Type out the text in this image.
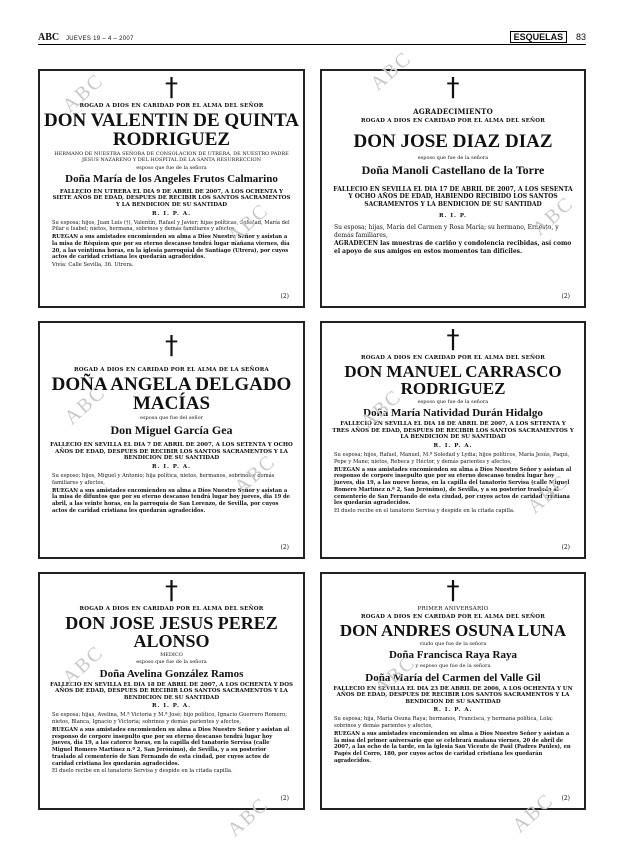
ABC JUEVES 19 – 4 – 2007	ESQUELAS 83
†
ROGAD A DIOS EN CARIDAD POR EL ALMA DEL SEÑOR
DON VALENTIN DE QUINTA RODRIGUEZ
HERMANO DE NUESTRA SEÑORA DE CONSOLACION DE UTRERA, DE NUESTRO PADRE JESUS NAZARENO Y DEL HOSPITAL DE LA SANTA RESURRECCION
esposo que fue de la señora
Doña María de los Angeles Frutos Calmarino
FALLECIO EN UTRERA EL DIA 9 DE ABRIL DE 2007, A LOS OCHENTA Y SIETE AÑOS DE EDAD, DESPUES DE RECIBIR LOS SANTOS SACRAMENTOS Y LA BENDICION DE SU SANTIDAD
R. I. P. A.
Su esposa; hijos, Juan Luis (†), Valentín, Rafael y Javier; hijas políticas, Soledad, María del Pilar e Isabel; nietos, hermana, sobrinos y demás familiares y afectos,
RUEGAN a sus amistades encomienden su alma a Dios Nuestro Señor y asistan a la misa de Réquiem que por su eterno descanso tendrá lugar mañana viernes, día 20, a las veintiuna horas, en la iglesia parroquial de Santiago (Utrera), por cuyos actos de caridad cristiana les quedarán agradecidos.
Vivía: Calle Sevilla, 36. Utrera.
(2)
†
AGRADECIMIENTO
ROGAD A DIOS EN CARIDAD POR EL ALMA DEL SEÑOR
DON JOSE DIAZ DIAZ
esposo que fue de la señora
Doña Manoli Castellano de la Torre
FALLECIO EN SEVILLA EL DIA 17 DE ABRIL DE 2007, A LOS SESENTA Y OCHO AÑOS DE EDAD, HABIENDO RECIBIDO LOS SANTOS SACRAMENTOS Y LA BENDICION DE SU SANTIDAD
R. I. P.
Su esposa; hijas, María del Carmen y Rosa María; su hermano, Ernesto, y demás familiares,
AGRADECEN las muestras de cariño y condolencia recibidas, así como el apoyo de sus amigos en estos momentos tan difíciles.
(2)
†
ROGAD A DIOS EN CARIDAD POR EL ALMA DE LA SEÑORA
DOÑA ANGELA DELGADO MACÍAS
esposa que fue del señor
Don Miguel García Gea
FALLECIO EN SEVILLA EL DIA 7 DE ABRIL DE 2007, A LOS SETENTA Y OCHO AÑOS DE EDAD, DESPUES DE RECIBIR LOS SANTOS SACRAMENTOS Y LA BENDICION DE SU SANTIDAD
R. I. P. A.
Su esposo; hijos, Miguel y Antonio; hija política, nietos, hermanos, sobrinos y demás familiares y afectos,
RUEGAN a sus amistades encomienden su alma a Dios Nuestro Señor y asistan a la misa de difuntos que por su eterno descanso tendrá lugar hoy jueves, día 19 de abril, a las veinte horas, en la parroquia de San Lorenzo, de Sevilla, por cuyos actos de caridad cristiana les quedarán agradecidos.
(2)
†
ROGAD A DIOS EN CARIDAD POR EL ALMA DEL SEÑOR
DON MANUEL CARRASCO RODRIGUEZ
esposo que fue de la señora
Doña María Natividad Durán Hidalgo
FALLECIO EN SEVILLA EL DIA 18 DE ABRIL DE 2007, A LOS SETENTA Y TRES AÑOS DE EDAD, DESPUES DE RECIBIR LOS SANTOS SACRAMENTOS Y LA BENDICION DE SU SANTIDAD
R. I. P. A.
Su esposa; hijos, Rafael, Manuel, M.ª Soledad y Lydia; hijos políticos, María Jesús, Paqui, Pepe y Mane; nietos, Rebeca y Héctor, y demás parientes y afectos,
RUEGAN a sus amistades encomienden su alma a Dios Nuestro Señor y asistan al responso de corpore insepulto que por su eterno descanso tendrá lugar hoy jueves, día 19, a las nueve horas, en la capilla del tanatorio Servisa (calle Miguel Romero Martínez n.º 2, San Jerónimo), de Sevilla, y a su posterior traslado al cementerio de San Fernando de esta ciudad, por cuyos actos de caridad cristiana les quedarán agradecidos.
El duelo recibe en el tanatorio Servisa y despide en la citada capilla.
(2)
†
ROGAD A DIOS EN CARIDAD POR EL ALMA DEL SEÑOR
DON JOSE JESUS PEREZ ALONSO
MEDICO
esposo que fue de la señora
Doña Avelina González Ramos
FALLECIO EN SEVILLA EL DIA 18 DE ABRIL DE 2007, A LOS OCHENTA Y DOS AÑOS DE EDAD, DESPUES DE RECIBIR LOS SANTOS SACRAMENTOS Y LA BENDICION DE SU SANTIDAD
R. I. P. A.
Su esposa; hijas, Avelina, M.ª Victoria y M.ª José; hijo político, Ignacio Guerrero Romero; nietos, Blanca, Ignacio y Victoria; sobrinos y demás parientes y afectos,
RUEGAN a sus amistades encomienden su alma a Dios Nuestro Señor y asistan al responso de corpore insepulto que por su eterno descanso tendrá lugar hoy jueves, día 19, a las catorce horas, en la capilla del tanatorio Servisa (calle Miguel Romero Martínez n.º 2, San Jerónimo), de Sevilla, y a su posterior traslado al cementerio de San Fernando de esta ciudad, por cuyos actos de caridad cristiana les quedarán agradecidos.
El duelo recibe en el tanatorio Servisa y despide en la citada capilla.
(2)
†
PRIMER ANIVERSARIO
ROGAD A DIOS EN CARIDAD POR EL ALMA DEL SEÑOR
DON ANDRES OSUNA LUNA
viudo que fue de la señora
Doña Francisca Raya Raya
y esposo que fue de la señora
Doña María del Carmen del Valle Gil
FALLECIO EN SEVILLA EL DIA 23 DE ABRIL DE 2006, A LOS OCHENTA Y UN AÑOS DE EDAD, DESPUES DE RECIBIR LOS SANTOS SACRAMENTOS Y LA BENDICION DE SU SANTIDAD
R. I. P. A.
Su esposa; hija, María Osuna Raya; hermanos, Francisca, y hermana política, Lola; sobrinos y demás parientes y afectos,
RUEGAN a sus amistades encomienden su alma a Dios Nuestro Señor y asistan a la misa del primer aniversario que se celebrará mañana viernes, 20 de abril de 2007, a las ocho de la tarde, en la iglesia San Vicente de Paúl (Padres Paúles), en Pagés del Corro, 180, por cuyos actos de caridad cristiana les quedarán agradecidos.
(2)
ABC
ABC
ABC
ABC
ABC
ABC
ABC
ABC
ABC
ABC
ABC
ABC
